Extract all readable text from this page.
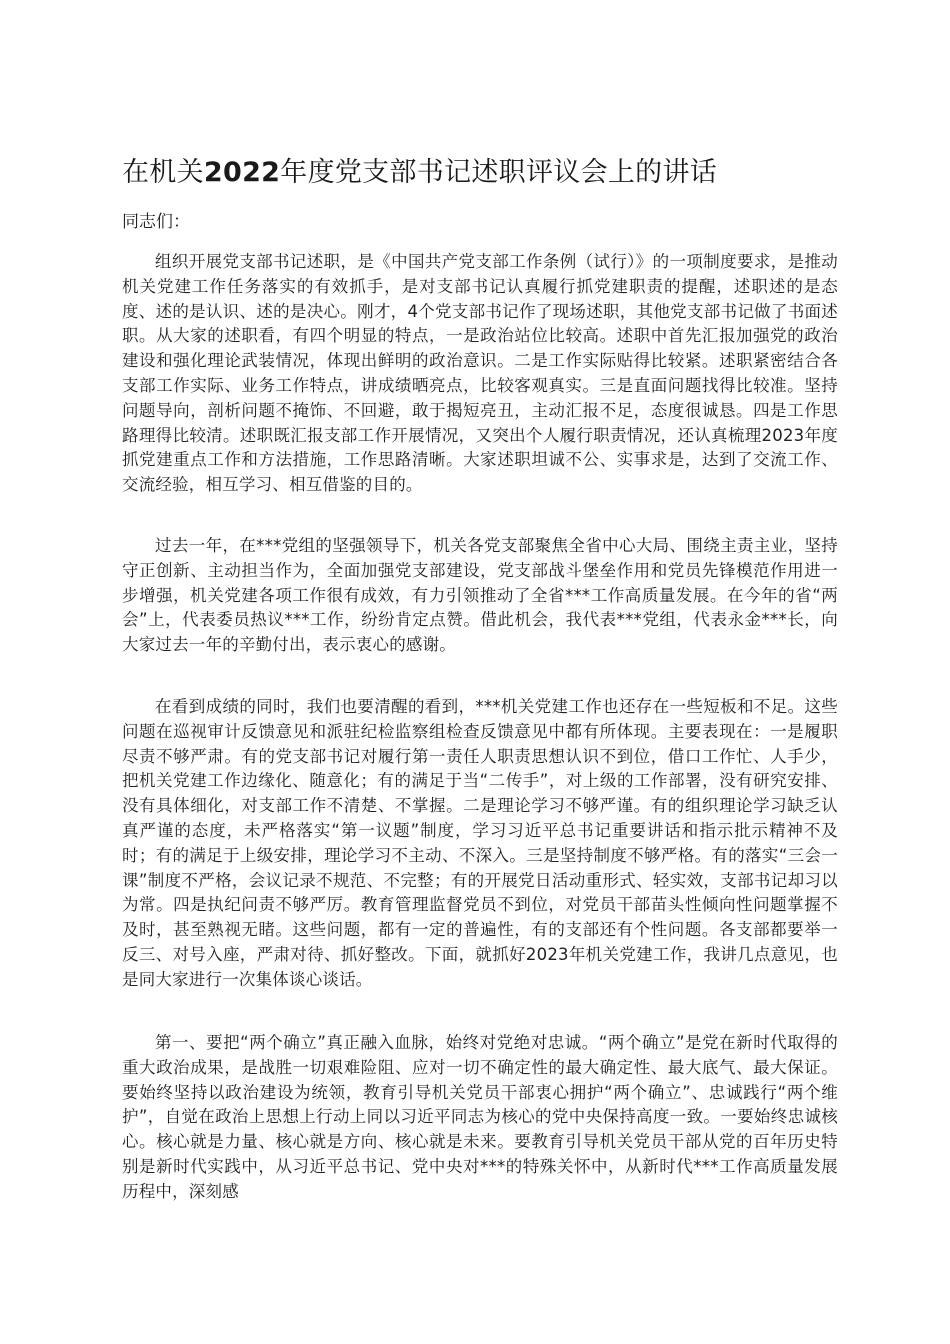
在机关2022年度党支部书记述职评议会上的讲话

同志们：

组织开展党支部书记述职，是《中国共产党支部工作条例（试行）》的一项制度要求，是推动机关党建工作任务落实的有效抓手，是对支部书记认真履行抓党建职责的提醒，述职述的是态度、述的是认识、述的是决心。刚才，4个党支部书记作了现场述职，其他党支部书记做了书面述职。从大家的述职看，有四个明显的特点，一是政治站位比较高。述职中首先汇报加强党的政治建设和强化理论武装情况，体现出鲜明的政治意识。二是工作实际贴得比较紧。述职紧密结合各支部工作实际、业务工作特点，讲成绩晒亮点，比较客观真实。三是直面问题找得比较准。坚持问题导向，剖析问题不掩饰、不回避，敢于揭短亮丑，主动汇报不足，态度很诚恳。四是工作思路理得比较清。述职既汇报支部工作开展情况，又突出个人履行职责情况，还认真梳理2023年度抓党建重点工作和方法措施，工作思路清晰。大家述职坦诚不公、实事求是，达到了交流工作、交流经验，相互学习、相互借鉴的目的。

过去一年，在***党组的坚强领导下，机关各党支部聚焦全省中心大局、围绕主责主业，坚持守正创新、主动担当作为，全面加强党支部建设，党支部战斗堡垒作用和党员先锋模范作用进一步增强，机关党建各项工作很有成效，有力引领推动了全省***工作高质量发展。在今年的省“两会”上，代表委员热议***工作，纷纷肯定点赞。借此机会，我代表***党组，代表永金***长，向大家过去一年的辛勤付出，表示衷心的感谢。

在看到成绩的同时，我们也要清醒的看到，***机关党建工作也还存在一些短板和不足。这些问题在巡视审计反馈意见和派驻纪检监察组检查反馈意见中都有所体现。主要表现在：一是履职尽责不够严肃。有的党支部书记对履行第一责任人职责思想认识不到位，借口工作忙、人手少，把机关党建工作边缘化、随意化；有的满足于当“二传手”，对上级的工作部署，没有研究安排、没有具体细化，对支部工作不清楚、不掌握。二是理论学习不够严谨。有的组织理论学习缺乏认真严谨的态度，未严格落实“第一议题”制度，学习习近平总书记重要讲话和指示批示精神不及时；有的满足于上级安排，理论学习不主动、不深入。三是坚持制度不够严格。有的落实“三会一课”制度不严格，会议记录不规范、不完整；有的开展党日活动重形式、轻实效，支部书记却习以为常。四是执纪问责不够严厉。教育管理监督党员不到位，对党员干部苗头性倾向性问题掌握不及时，甚至熟视无睹。这些问题，都有一定的普遍性，有的支部还有个性问题。各支部都要举一反三、对号入座，严肃对待、抓好整改。下面，就抓好2023年机关党建工作，我讲几点意见，也是同大家进行一次集体谈心谈话。

第一、要把“两个确立”真正融入血脉，始终对党绝对忠诚。“两个确立”是党在新时代取得的重大政治成果，是战胜一切艰难险阻、应对一切不确定性的最大确定性、最大底气、最大保证。要始终坚持以政治建设为统领，教育引导机关党员干部衷心拥护“两个确立”、忠诚践行“两个维护”，自觉在政治上思想上行动上同以习近平同志为核心的党中央保持高度一致。一要始终忠诚核心。核心就是力量、核心就是方向、核心就是未来。要教育引导机关党员干部从党的百年历史特别是新时代实践中，从习近平总书记、党中央对***的特殊关怀中，从新时代***工作高质量发展历程中，深刻感
